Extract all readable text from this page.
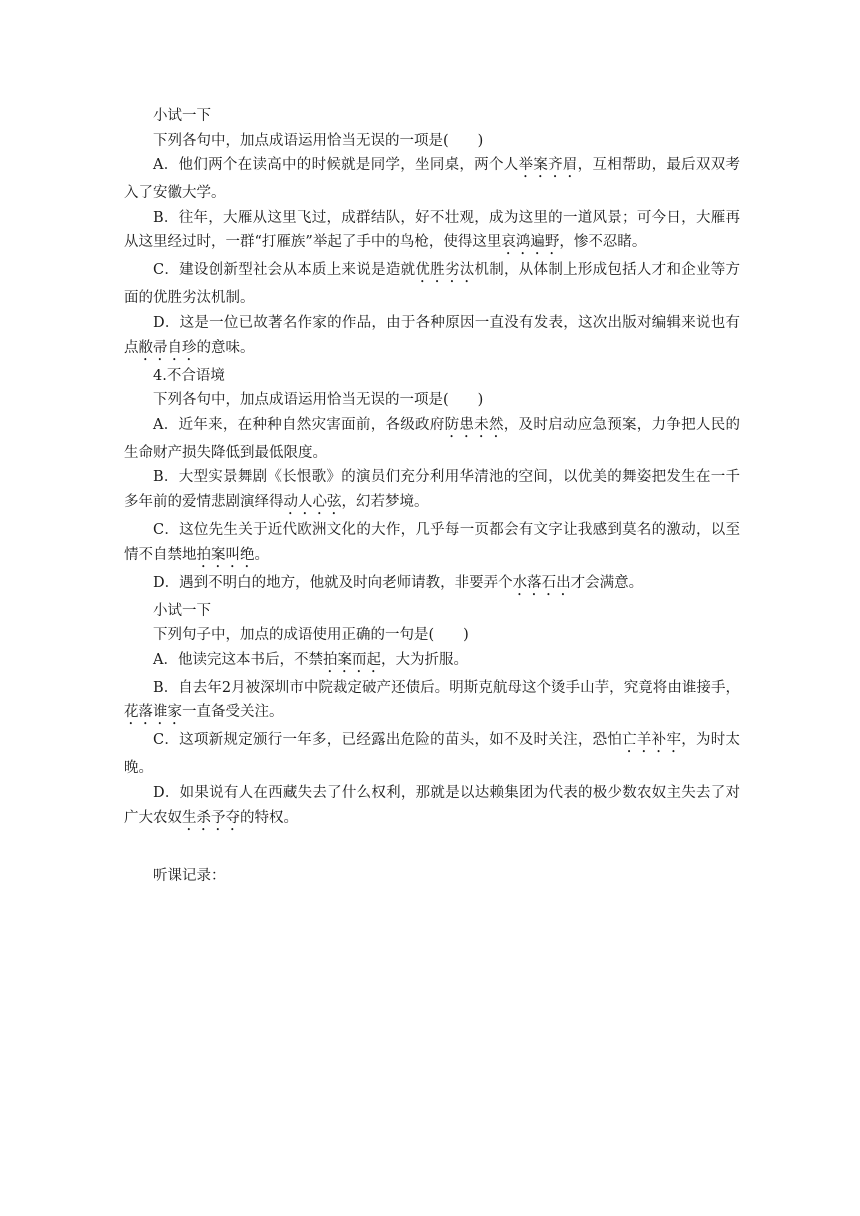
小试一下
下列各句中，加点成语运用恰当无误的一项是(　　)
A．他们两个在读高中的时候就是同学，坐同桌，两个人举案齐眉，互相帮助，最后双双考入了安徽大学。
B．往年，大雁从这里飞过，成群结队，好不壮观，成为这里的一道风景；可今日，大雁再从这里经过时，一群“打雁族”举起了手中的鸟枪，使得这里哀鸿遍野，惨不忍睹。
C．建设创新型社会从本质上来说是造就优胜劣汰机制，从体制上形成包括人才和企业等方面的优胜劣汰机制。
D．这是一位已故著名作家的作品，由于各种原因一直没有发表，这次出版对编辑来说也有点敝帚自珍的意味。
4.不合语境
下列各句中，加点成语运用恰当无误的一项是(　　)
A．近年来，在种种自然灾害面前，各级政府防患未然，及时启动应急预案，力争把人民的生命财产损失降低到最低限度。
B．大型实景舞剧《长恨歌》的演员们充分利用华清池的空间，以优美的舞姿把发生在一千多年前的爱情悲剧演绎得动人心弦，幻若梦境。
C．这位先生关于近代欧洲文化的大作，几乎每一页都会有文字让我感到莫名的激动，以至情不自禁地拍案叫绝。
D．遇到不明白的地方，他就及时向老师请教，非要弄个水落石出才会满意。
小试一下
下列句子中，加点的成语使用正确的一句是(　　)
A．他读完这本书后，不禁拍案而起，大为折服。
B．自去年2月被深圳市中院裁定破产还债后。明斯克航母这个烫手山芋，究竟将由谁接手，花落谁家一直备受关注。
C．这项新规定颁行一年多，已经露出危险的苗头，如不及时关注，恐怕亡羊补牢，为时太晚。
D．如果说有人在西藏失去了什么权利，那就是以达赖集团为代表的极少数农奴主失去了对广大农奴生杀予夺的特权。
听课记录：
